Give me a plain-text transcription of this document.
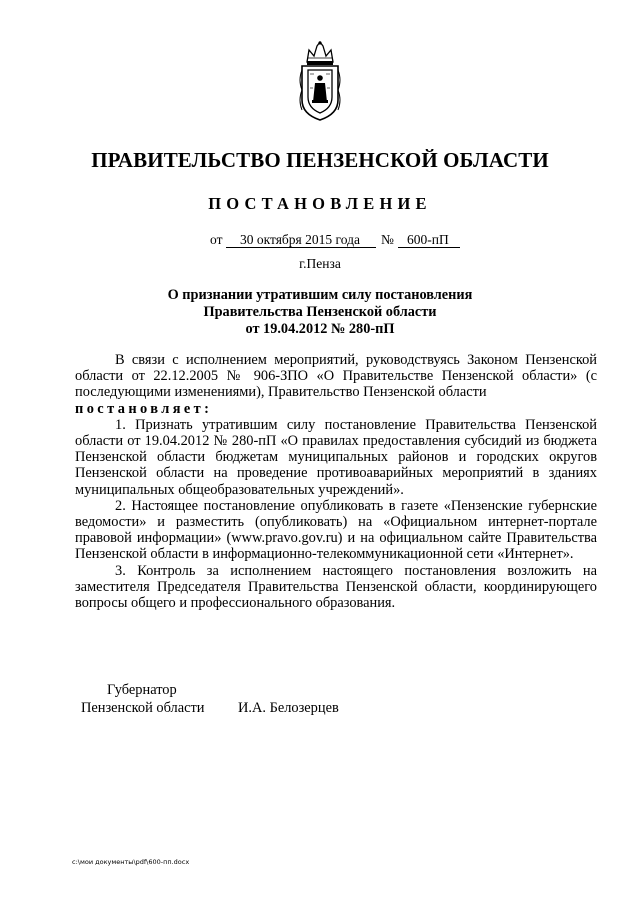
ПРАВИТЕЛЬСТВО ПЕНЗЕНСКОЙ ОБЛАСТИ
ПОСТАНОВЛЕНИЕ
от 30 октября 2015 года № 600-пП
г.Пенза
О признании утратившим силу постановления
Правительства Пензенской области
от 19.04.2012 № 280-пП

В связи с исполнением мероприятий, руководствуясь Законом Пензенской области от 22.12.2005 № 906-ЗПО «О Правительстве Пензенской области» (с последующими изменениями), Правительство Пензенской области

постановляет:

1. Признать утратившим силу постановление Правительства Пензенской области от 19.04.2012 № 280-пП «О правилах предоставления субсидий из бюджета Пензенской области бюджетам муниципальных районов и городских округов Пензенской области на проведение противоаварийных мероприятий в зданиях муниципальных общеобразовательных учреждений».

2. Настоящее постановление опубликовать в газете «Пензенские губернские ведомости» и разместить (опубликовать) на «Официальном интернет-портале правовой информации» (www.pravo.gov.ru) и на официальном сайте Правительства Пензенской области в информационно-телекоммуникационной сети «Интернет».

3. Контроль за исполнением настоящего постановления возложить на заместителя Председателя Правительства Пензенской области, координирующего вопросы общего и профессионального образования.

Губернатор
Пензенской области И.А. Белозерцев
c:\мои документы\pdf\600-пп.docx
